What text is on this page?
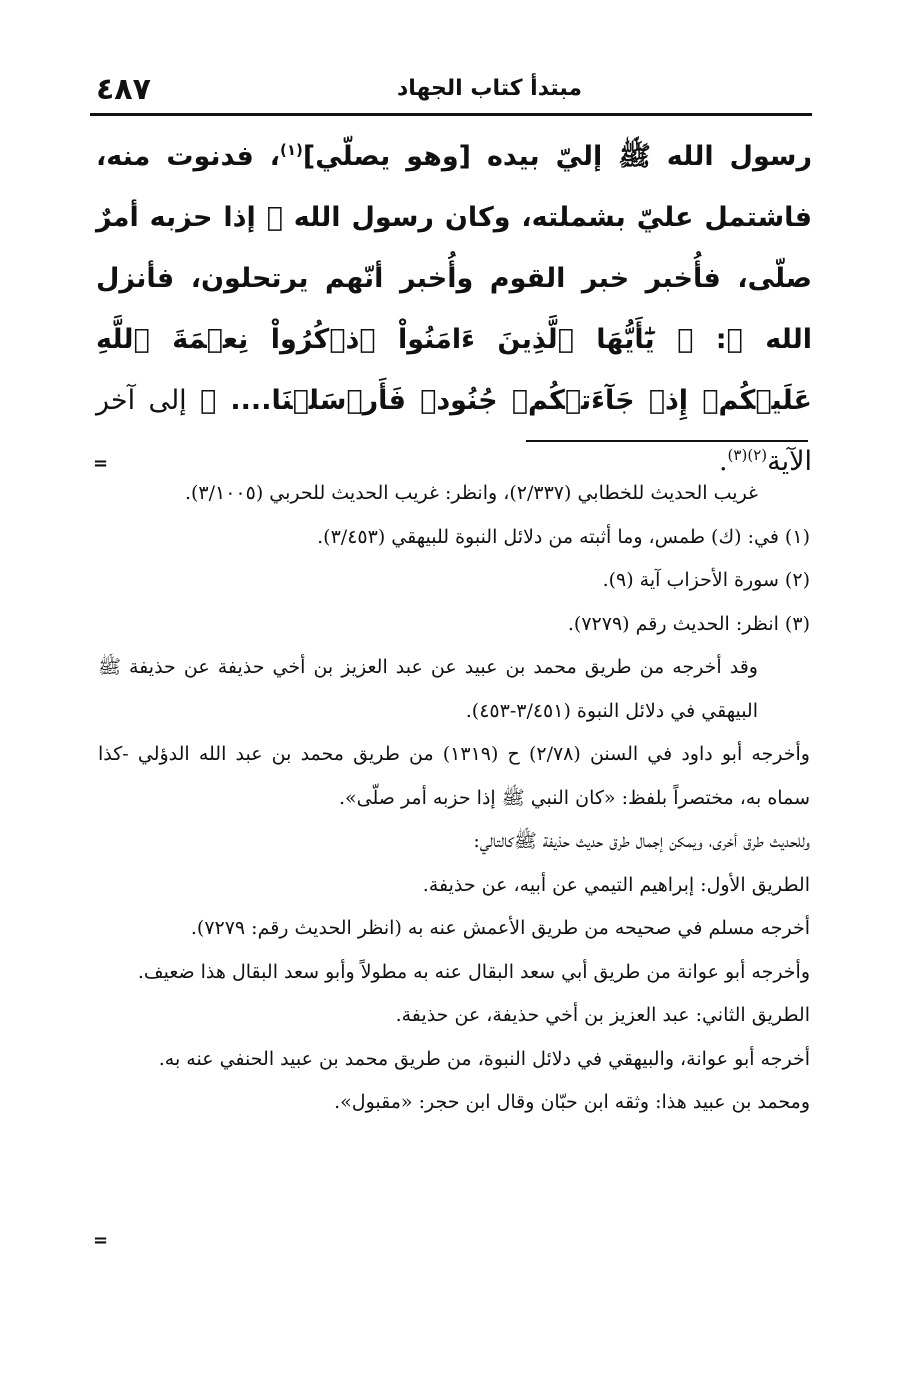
مبتدأ كتاب الجهاد
٤٨٧

رسول الله ﷺ إليّ بيده [وهو يصلّي]$^{(١)}$، فدنوت منه، فاشتمل عليّ بشملته، وكان رسول الله ﷺ إذا حزبه أمرٌ صلّى، فأُخبر خبر القوم وأُخبر أنّهم يرتحلون، فأنزل الله ﷻ: ﴿ يَٰٓأَيُّهَا ٱلَّذِينَ ءَامَنُواْ ٱذۡكُرُواْ نِعۡمَةَ ٱللَّهِ عَلَيۡكُمۡ إِذۡ جَآءَتۡكُمۡ جُنُودٞ فَأَرۡسَلۡنَا.... ﴾ إلى آخر الآية$^{(٢)(٣)}$.

=

غريب الحديث للخطابي (٢/٣٣٧)، وانظر: غريب الحديث للحربي (٣/١٠٠٥).

(١) في: (ك) طمس، وما أثبته من دلائل النبوة للبيهقي (٣/٤٥٣).

(٢) سورة الأحزاب آية (٩).

(٣) انظر: الحديث رقم (٧٢٧٩).

وقد أخرجه من طريق محمد بن عبيد عن عبد العزيز بن أخي حذيفة عن حذيفة ﷺ البيهقي في دلائل النبوة (٣/٤٥١-٤٥٣).

وأخرجه أبو داود في السنن (٢/٧٨) ح (١٣١٩) من طريق محمد بن عبد الله الدؤلي -كذا سماه به، مختصراً بلفظ: «كان النبي ﷺ إذا حزبه أمر صلّى».

وللحديث طرق أخرى، ويمكن إجمال طرق حديث حذيفة ﷺكالتالي:

الطريق الأول: إبراهيم التيمي عن أبيه، عن حذيفة.

أخرجه مسلم في صحيحه من طريق الأعمش عنه به (انظر الحديث رقم: ٧٢٧٩).

وأخرجه أبو عوانة من طريق أبي سعد البقال عنه به مطولاً وأبو سعد البقال هذا ضعيف.

الطريق الثاني: عبد العزيز بن أخي حذيفة، عن حذيفة.

أخرجه أبو عوانة، والبيهقي في دلائل النبوة، من طريق محمد بن عبيد الحنفي عنه به.

ومحمد بن عبيد هذا: وثقه ابن حبّان وقال ابن حجر: «مقبول».

=
